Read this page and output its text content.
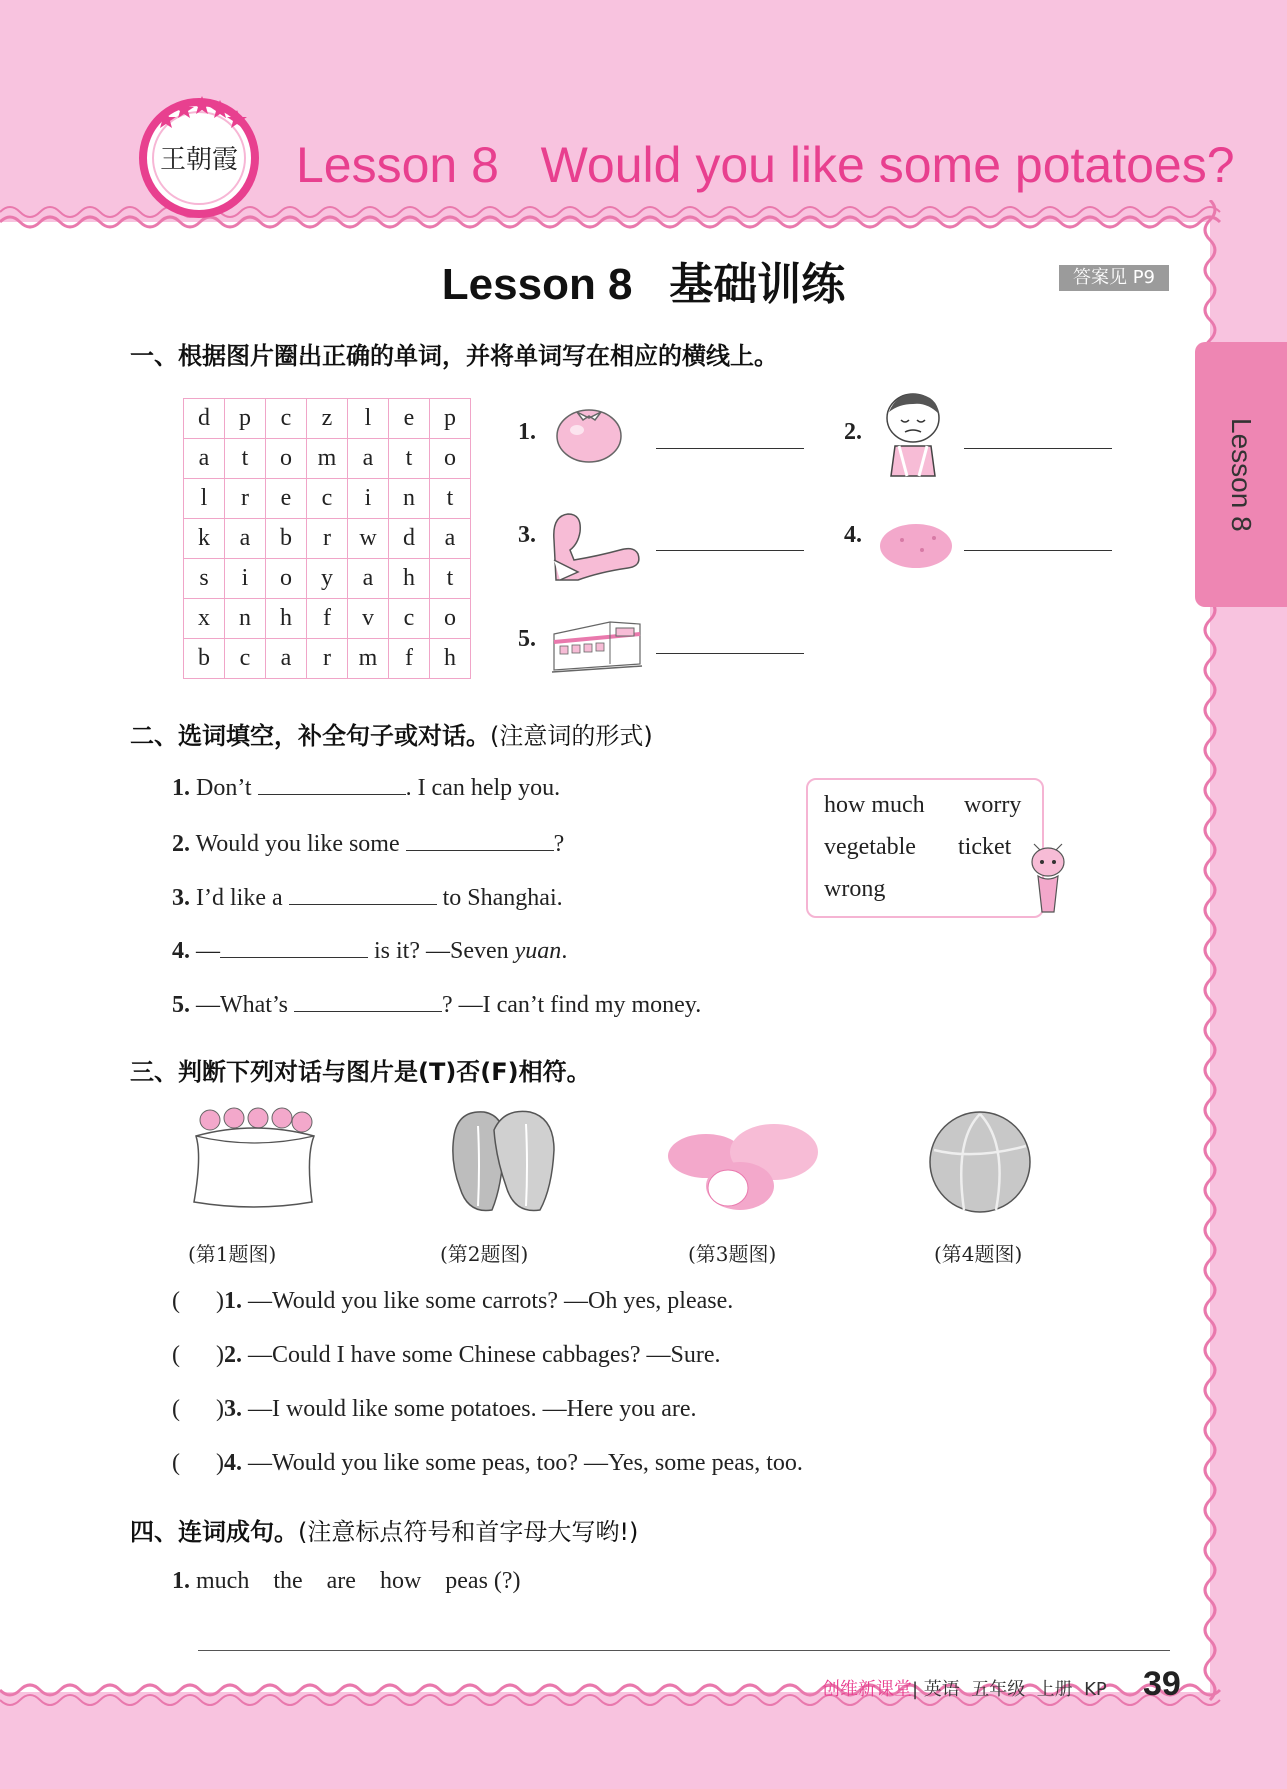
王朝霞 Lesson 8   Would you like some potatoes?
Lesson 8   基础训练	答案见 P9
Lesson 8
一、根据图片圈出正确的单词，并将单词写在相应的横线上。
d	p	c	z	l	e	p
a	t	o	m	a	t	o
l	r	e	c	i	n	t
k	a	b	r	w	d	a
s	i	o	y	a	h	t
x	n	h	f	v	c	o
b	c	a	r	m	f	h
1.	2.
3.	4.
5.
二、选词填空，补全句子或对话。(注意词的形式)
1. Don’t	. I can help you.
2. Would you like some	?
3. I’d like a	to Shanghai.
4. —	is it? —Seven yuan.
5. —What’s	? —I can’t find my money.
how much worry
vegetable ticket
wrong
三、判断下列对话与图片是(T)否(F)相符。
(第1题图)	(第2题图)	(第3题图)	(第4题图)
(      )1. —Would you like some carrots? —Oh yes, please.
(      )2. —Could I have some Chinese cabbages? —Sure.
(      )3. —I would like some potatoes. —Here you are.
(      )4. —Would you like some peas, too? —Yes, some peas, too.
四、连词成句。(注意标点符号和首字母大写哟!)
1. much    the    are    how    peas (?)
创维新课堂| 英语  五年级  上册  KP 39
